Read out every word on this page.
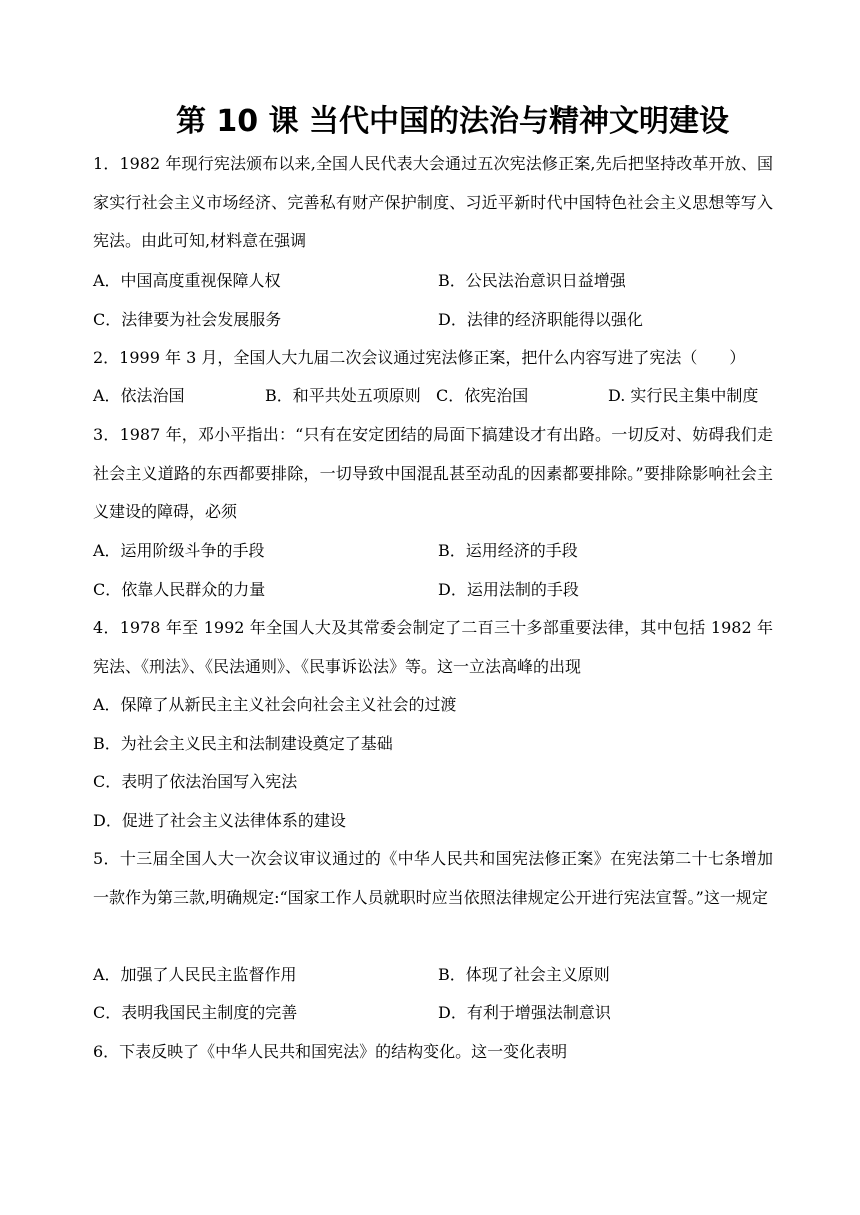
第 10 课 当代中国的法治与精神文明建设
1．1982 年现行宪法颁布以来,全国人民代表大会通过五次宪法修正案,先后把坚持改革开放、国家实行社会主义市场经济、完善私有财产保护制度、习近平新时代中国特色社会主义思想等写入宪法。由此可知,材料意在强调
A．中国高度重视保障人权	B．公民法治意识日益增强
C．法律要为社会发展服务	D．法律的经济职能得以强化
2．1999 年 3 月，全国人大九届二次会议通过宪法修正案，把什么内容写进了宪法（　　）
A．依法治国	B．和平共处五项原则 C．依宪治国	D. 实行民主集中制度
3．1987 年，邓小平指出：“只有在安定团结的局面下搞建设才有出路。一切反对、妨碍我们走社会主义道路的东西都要排除，一切导致中国混乱甚至动乱的因素都要排除。”要排除影响社会主义建设的障碍，必须
A．运用阶级斗争的手段	B．运用经济的手段
C．依靠人民群众的力量	D．运用法制的手段
4．1978 年至 1992 年全国人大及其常委会制定了二百三十多部重要法律，其中包括 1982 年宪法、《刑法》、《民法通则》、《民事诉讼法》等。这一立法高峰的出现
A．保障了从新民主主义社会向社会主义社会的过渡
B．为社会主义民主和法制建设奠定了基础
C．表明了依法治国写入宪法
D．促进了社会主义法律体系的建设
5．十三届全国人大一次会议审议通过的《中华人民共和国宪法修正案》在宪法第二十七条增加一款作为第三款,明确规定:“国家工作人员就职时应当依照法律规定公开进行宪法宣誓。”这一规定
A．加强了人民民主监督作用	B．体现了社会主义原则
C．表明我国民主制度的完善	D．有利于增强法制意识
6．下表反映了《中华人民共和国宪法》的结构变化。这一变化表明
